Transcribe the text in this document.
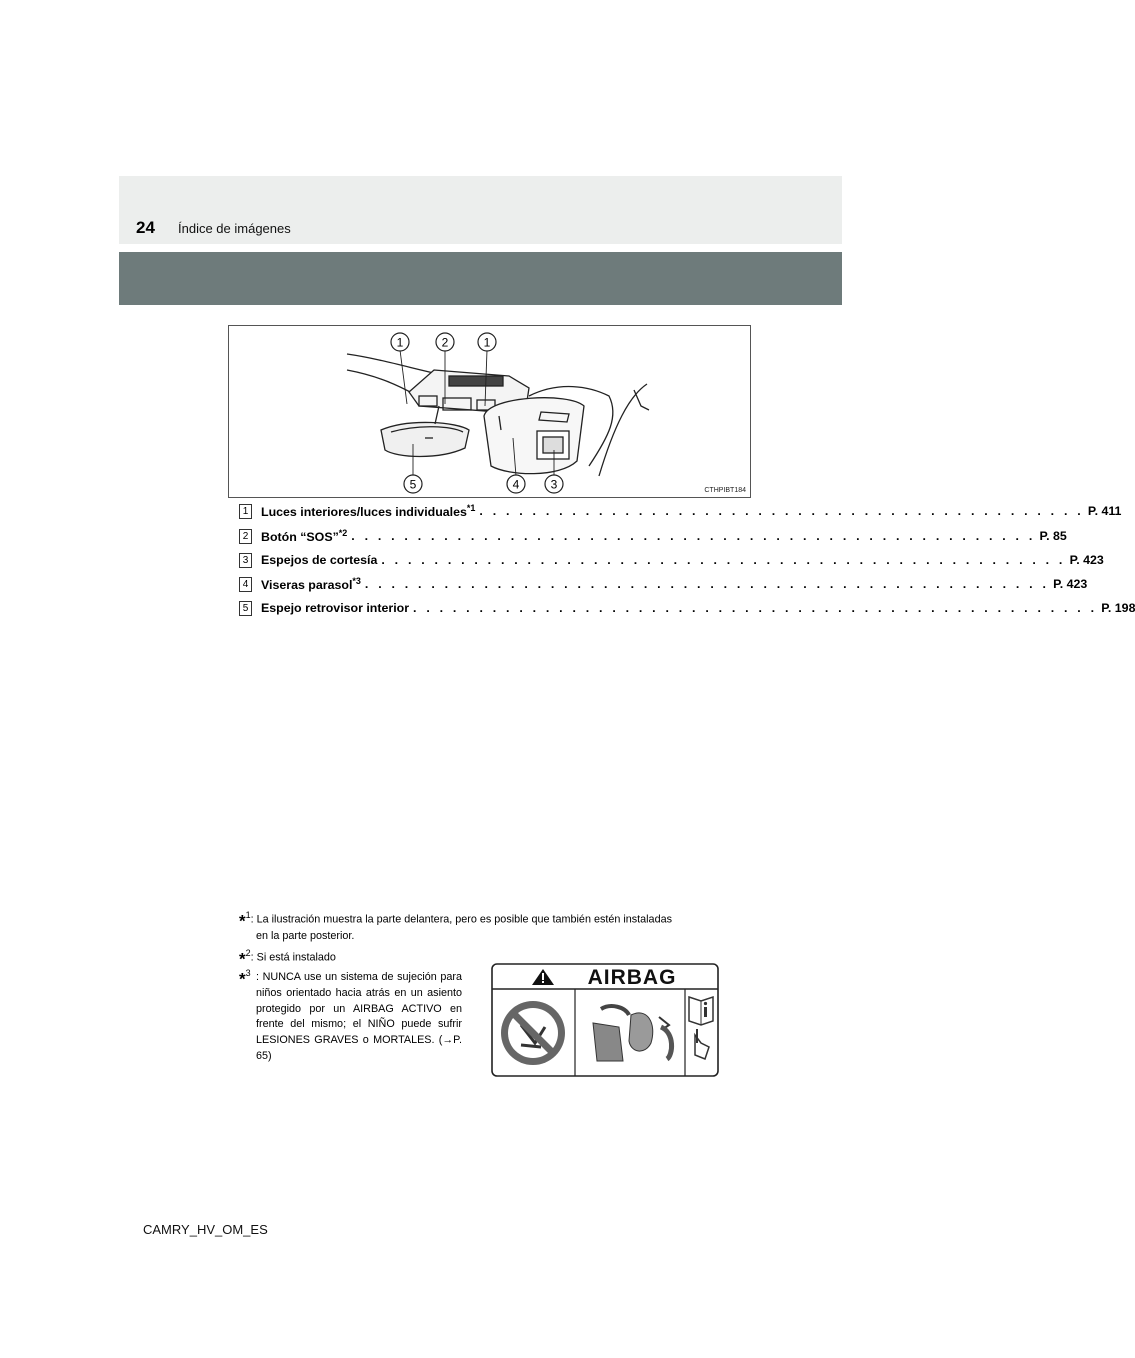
24 Índice de imágenes
1	2	1
5	4	3	CTHPIBT184
1 Luces interiores/luces individuales$^{*1}$ . . . . . . . . . . . . . . . . . . . . . . . . . . . . . . . . . . . . . . . . . . . . . . P. 411
2 Botón “SOS”$^{*2}$ . . . . . . . . . . . . . . . . . . . . . . . . . . . . . . . . . . . . . . . . . . . . . . . . . . . . P. 85
3 Espejos de cortesía . . . . . . . . . . . . . . . . . . . . . . . . . . . . . . . . . . . . . . . . . . . . . . . . . . . . P. 423
4 Viseras parasol$^{*3}$ . . . . . . . . . . . . . . . . . . . . . . . . . . . . . . . . . . . . . . . . . . . . . . . . . . . . P. 423
5 Espejo retrovisor interior . . . . . . . . . . . . . . . . . . . . . . . . . . . . . . . . . . . . . . . . . . . . . . . . . . . . P. 198
*$^1$: La ilustración muestra la parte delantera, pero es posible que también estén instaladas
en la parte posterior.
*$^2$: Si está instalado
*$^3$ : NUNCA use un sistema de sujeción para niños orientado hacia atrás en un asiento protegido por un AIRBAG ACTIVO en frente del mismo; el NIÑO puede sufrir LESIONES GRAVES o MORTALES. (→P. 65)
AIRBAG
CAMRY_HV_OM_ES
